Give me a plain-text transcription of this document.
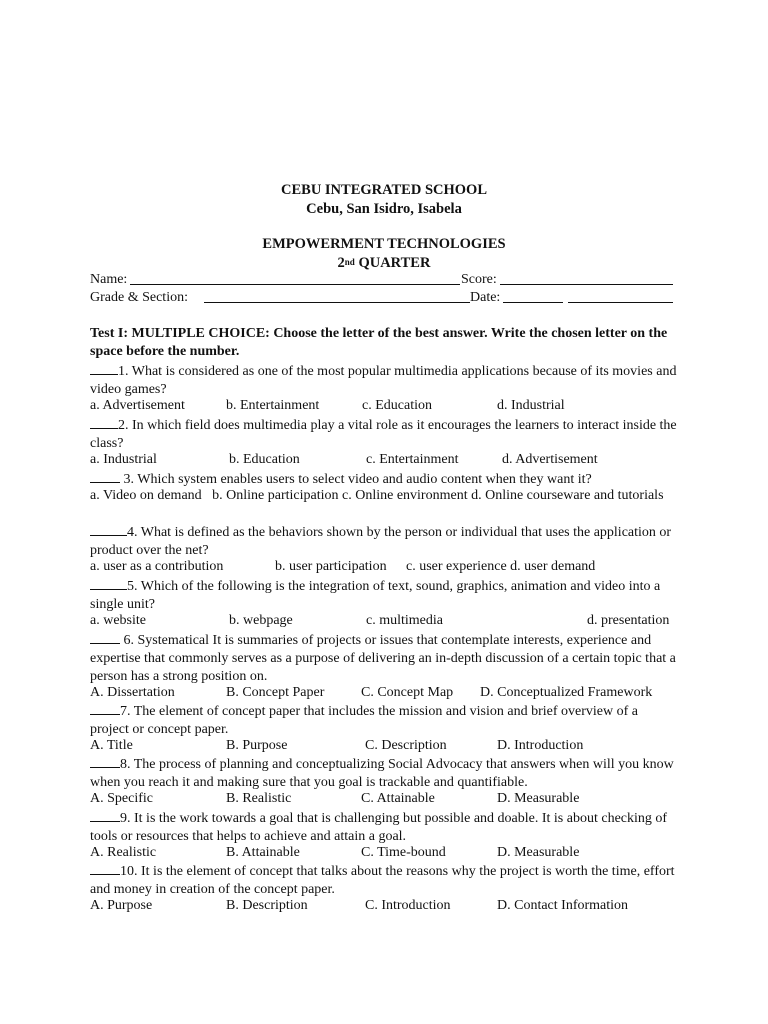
CEBU INTEGRATED SCHOOL
Cebu, San Isidro, Isabela
EMPOWERMENT TECHNOLOGIES
2nd QUARTER
Name:	Score:
Grade & Section:	Date:
Test I: MULTIPLE CHOICE: Choose the letter of the best answer. Write the chosen letter on the space before the number.
1. What is considered as one of the most popular multimedia applications because of its movies and video games?
a. Advertisement	b. Entertainment	c. Education	d. Industrial
2. In which field does multimedia play a vital role as it encourages the learners to interact inside the class?
a. Industrial	b. Education	c. Entertainment	d. Advertisement
3. Which system enables users to select video and audio content when they want it?
a. Video on demand   b. Online participation c. Online environment d. Online courseware and tutorials
4. What is defined as the behaviors shown by the person or individual that uses the application or product over the net?
a. user as a contribution	b. user participation c. user experience d. user demand
5. Which of the following is the integration of text, sound, graphics, animation and video into a single unit?
a. website	b. webpage	c. multimedia	d. presentation
6. Systematical It is summaries of projects or issues that contemplate interests, experience and expertise that commonly serves as a purpose of delivering an in-depth discussion of a certain topic that a person has a strong position on.
A. Dissertation	B. Concept Paper	C. Concept Map D. Conceptualized Framework
7. The element of concept paper that includes the mission and vision and brief overview of a project or concept paper.
A. Title	B. Purpose	C. Description	D. Introduction
8. The process of planning and conceptualizing Social Advocacy that answers when will you know when you reach it and making sure that you goal is trackable and quantifiable.
A. Specific	B. Realistic	C. Attainable	D. Measurable
9. It is the work towards a goal that is challenging but possible and doable. It is about checking of tools or resources that helps to achieve and attain a goal.
A. Realistic	B. Attainable	C. Time-bound	D. Measurable
10. It is the element of concept that talks about the reasons why the project is worth the time, effort and money in creation of the concept paper.
A. Purpose	B. Description	C. Introduction	D. Contact Information
